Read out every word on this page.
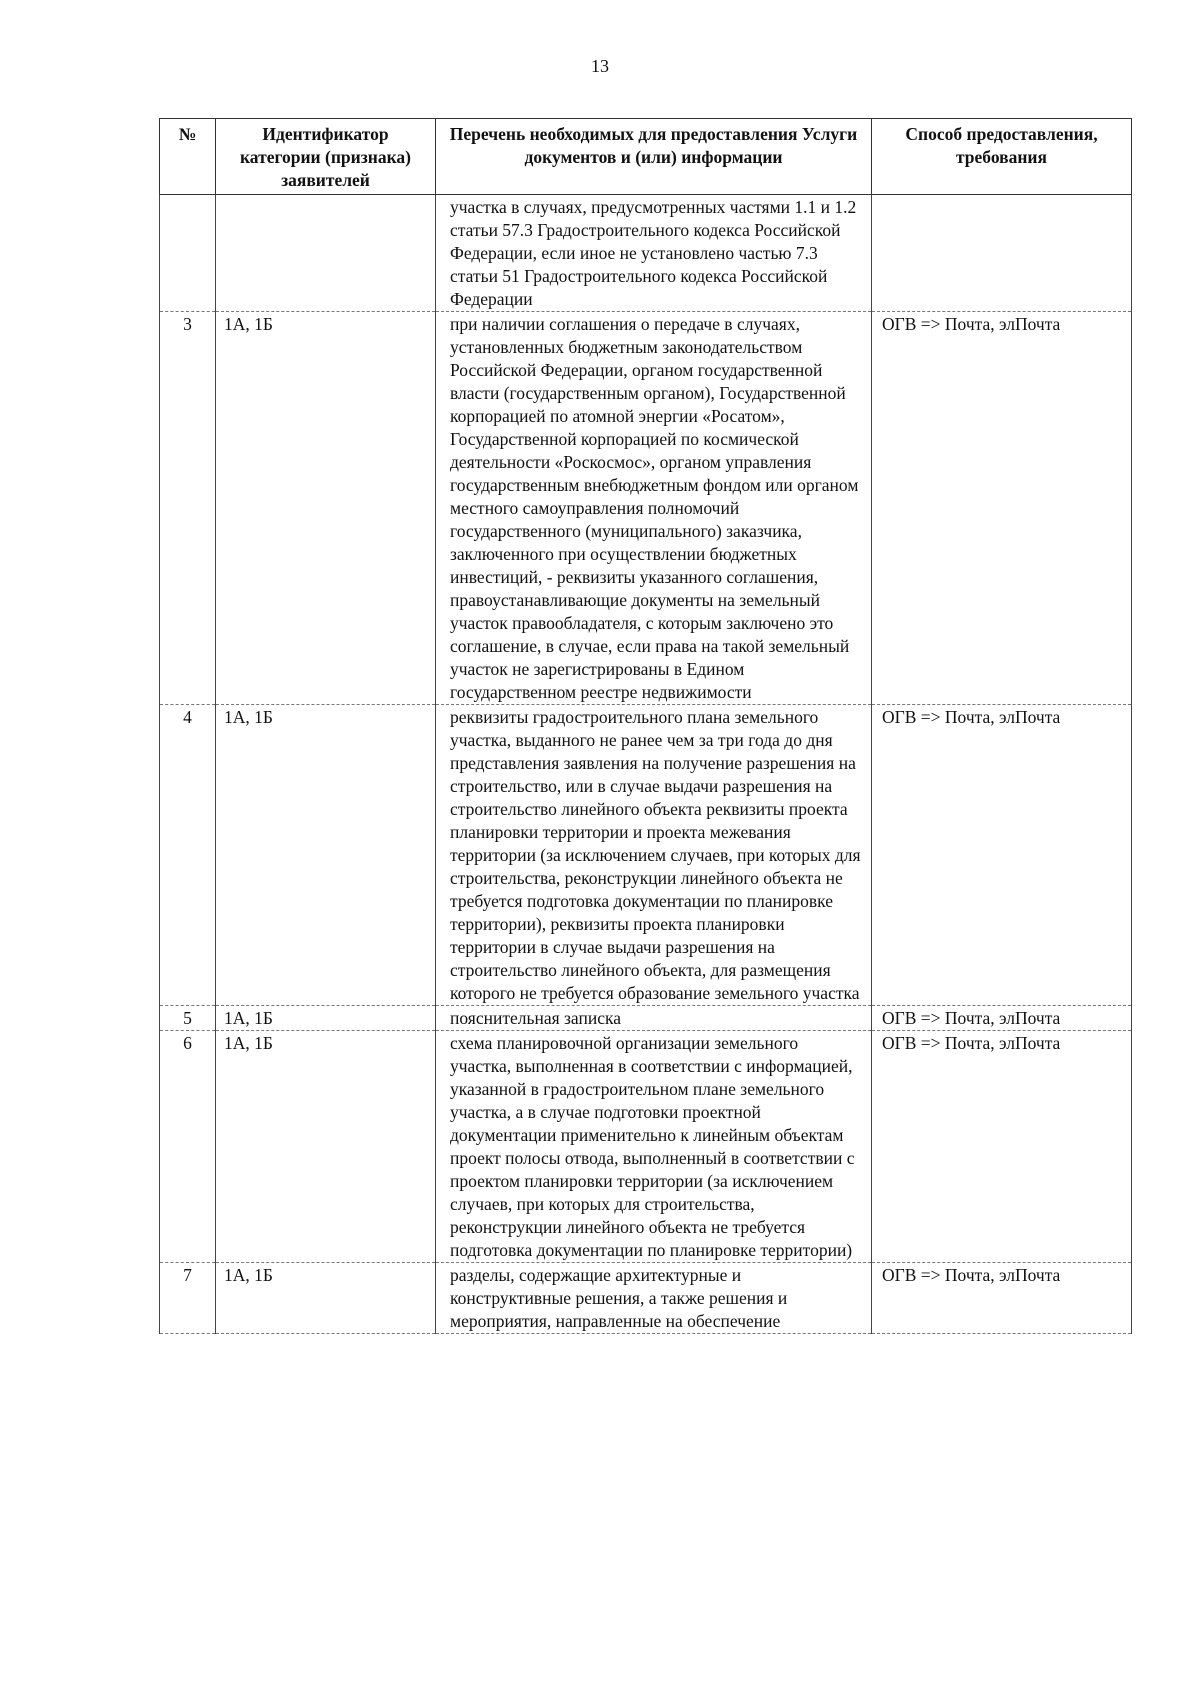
13
№	Идентификатор категории (признака) заявителей	Перечень необходимых для предоставления Услуги документов и (или) информации	Способ предоставления, требования
		участка в случаях, предусмотренных частями 1.1 и 1.2 статьи 57.3 Градостроительного кодекса Российской Федерации, если иное не установлено частью 7.3 статьи 51 Градостроительного кодекса Российской Федерации	
3	1А, 1Б	при наличии соглашения о передаче в случаях, установленных бюджетным законодательством Российской Федерации, органом государственной власти (государственным органом), Государственной корпорацией по атомной энергии «Росатом», Государственной корпорацией по космической деятельности «Роскосмос», органом управления государственным внебюджетным фондом или органом местного самоуправления полномочий государственного (муниципального) заказчика, заключенного при осуществлении бюджетных инвестиций, - реквизиты указанного соглашения, правоустанавливающие документы на земельный участок правообладателя, с которым заключено это соглашение, в случае, если права на такой земельный участок не зарегистрированы в Едином государственном реестре недвижимости	ОГВ => Почта, элПочта
4	1А, 1Б	реквизиты градостроительного плана земельного участка, выданного не ранее чем за три года до дня представления заявления на получение разрешения на строительство, или в случае выдачи разрешения на строительство линейного объекта реквизиты проекта планировки территории и проекта межевания территории (за исключением случаев, при которых для строительства, реконструкции линейного объекта не требуется подготовка документации по планировке территории), реквизиты проекта планировки территории в случае выдачи разрешения на строительство линейного объекта, для размещения которого не требуется образование земельного участка	ОГВ => Почта, элПочта
5	1А, 1Б	пояснительная записка	ОГВ => Почта, элПочта
6	1А, 1Б	схема планировочной организации земельного участка, выполненная в соответствии с информацией, указанной в градостроительном плане земельного участка, а в случае подготовки проектной документации применительно к линейным объектам проект полосы отвода, выполненный в соответствии с проектом планировки территории (за исключением случаев, при которых для строительства, реконструкции линейного объекта не требуется подготовка документации по планировке территории)	ОГВ => Почта, элПочта
7	1А, 1Б	разделы, содержащие архитектурные и конструктивные решения, а также решения и мероприятия, направленные на обеспечение	ОГВ => Почта, элПочта
